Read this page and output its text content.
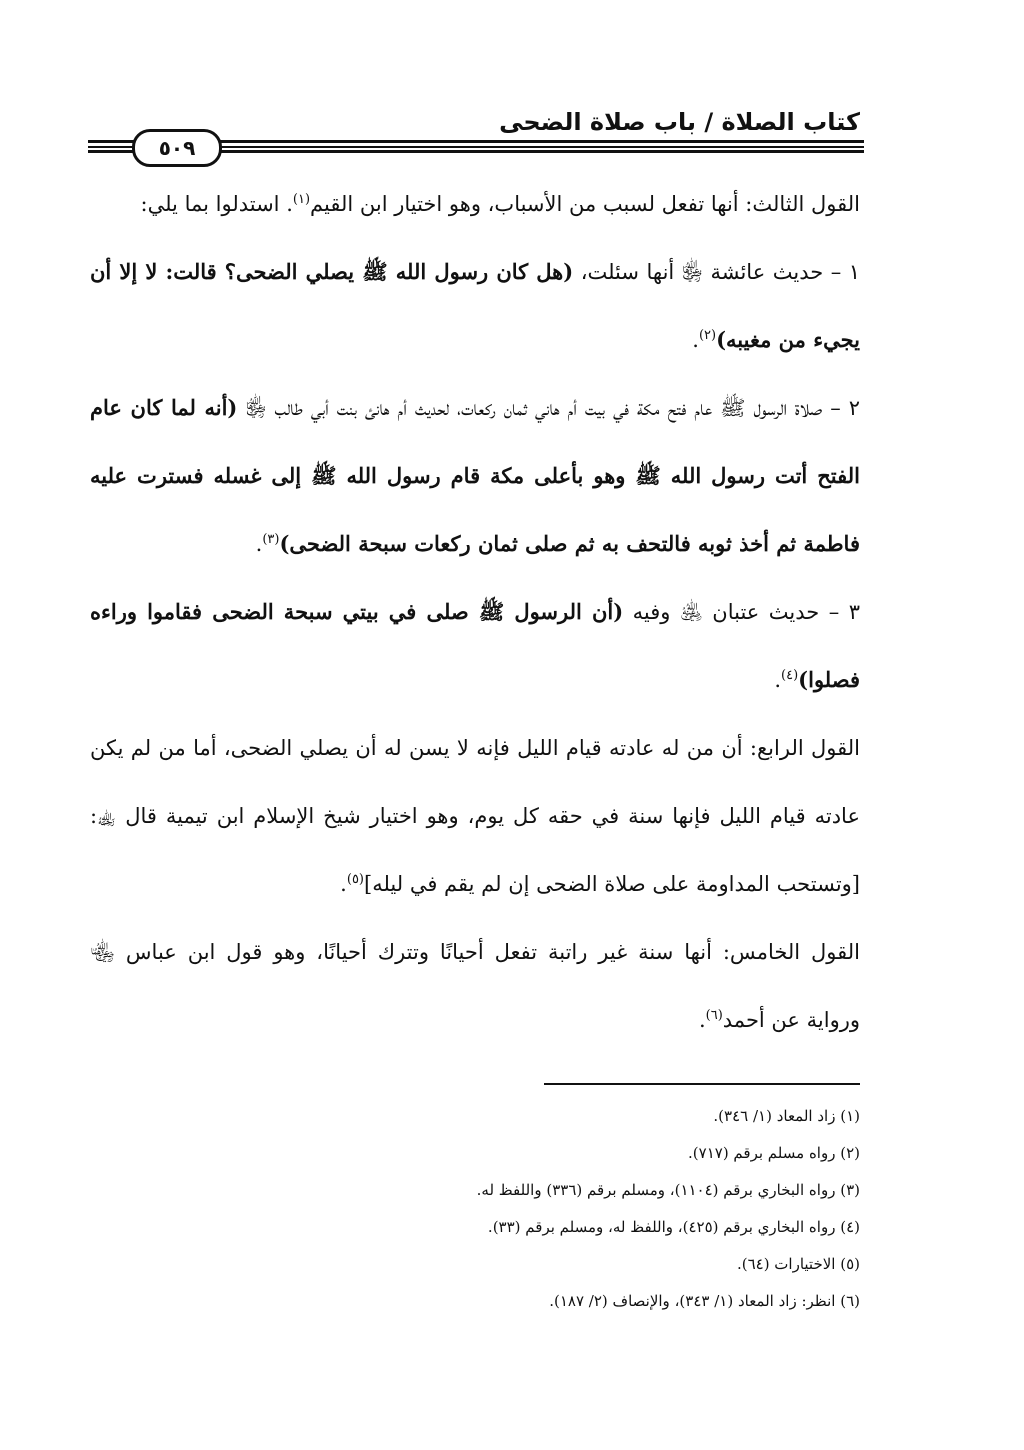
كتاب الصلاة / باب صلاة الضحى
٥٠٩

القول الثالث: أنها تفعل لسبب من الأسباب، وهو اختيار ابن القيم$^{(١)}$. استدلوا بما يلي:

١ – حديث عائشة ﵂ أنها سئلت، (هل كان رسول الله ﷺ يصلي الضحى؟ قالت: لا إلا أن يجيء من مغيبه)$^{(٢)}$.

٢ – صلاة الرسول ﷺ عام فتح مكة في بيت أم هاني ثمان ركعات، لحديث أم هانئ بنت أبي طالب ﵂ (أنه لما كان عام الفتح أتت رسول الله ﷺ وهو بأعلى مكة قام رسول الله ﷺ إلى غسله فسترت عليه فاطمة ثم أخذ ثوبه فالتحف به ثم صلى ثمان ركعات سبحة الضحى)$^{(٣)}$.

٣ – حديث عتبان ﵁ وفيه (أن الرسول ﷺ صلى في بيتي سبحة الضحى فقاموا وراءه فصلوا)$^{(٤)}$.

القول الرابع: أن من له عادته قيام الليل فإنه لا يسن له أن يصلي الضحى، أما من لم يكن عادته قيام الليل فإنها سنة في حقه كل يوم، وهو اختيار شيخ الإسلام ابن تيمية قال ﵀: [وتستحب المداومة على صلاة الضحى إن لم يقم في ليله]$^{(٥)}$.

القول الخامس: أنها سنة غير راتبة تفعل أحيانًا وتترك أحيانًا، وهو قول ابن عباس ﵄ ورواية عن أحمد$^{(٦)}$.

(١) زاد المعاد (١/ ٣٤٦).
(٢) رواه مسلم برقم (٧١٧).
(٣) رواه البخاري برقم (١١٠٤)، ومسلم برقم (٣٣٦) واللفظ له.
(٤) رواه البخاري برقم (٤٢٥)، واللفظ له، ومسلم برقم (٣٣).
(٥) الاختيارات (٦٤).
(٦) انظر: زاد المعاد (١/ ٣٤٣)، والإنصاف (٢/ ١٨٧).
